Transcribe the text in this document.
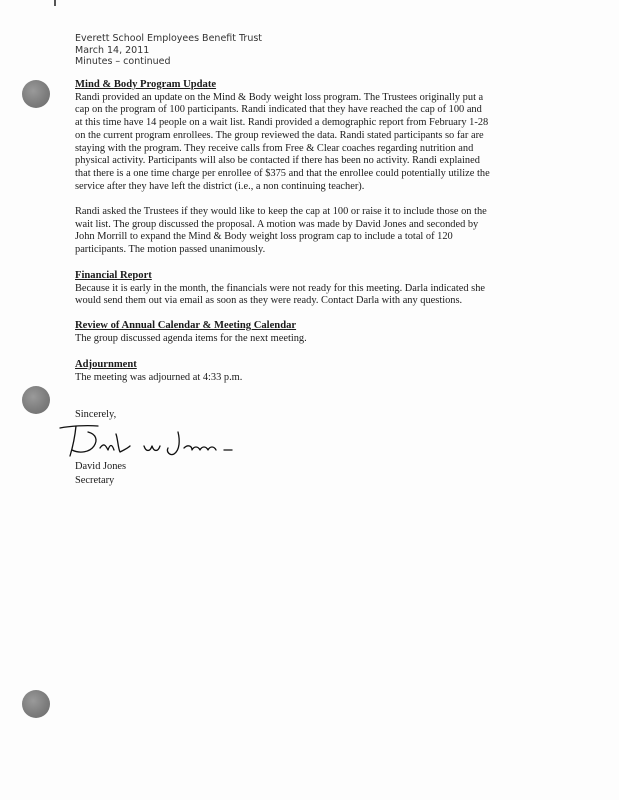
Everett School Employees Benefit Trust
March 14, 2011
Minutes – continued
Mind & Body Program Update
Randi provided an update on the Mind & Body weight loss program. The Trustees originally put a
cap on the program of 100 participants. Randi indicated that they have reached the cap of 100 and
at this time have 14 people on a wait list. Randi provided a demographic report from February 1-28
on the current program enrollees. The group reviewed the data. Randi stated participants so far are
staying with the program. They receive calls from Free & Clear coaches regarding nutrition and
physical activity. Participants will also be contacted if there has been no activity. Randi explained
that there is a one time charge per enrollee of $375 and that the enrollee could potentially utilize the
service after they have left the district (i.e., a non continuing teacher).
Randi asked the Trustees if they would like to keep the cap at 100 or raise it to include those on the
wait list. The group discussed the proposal. A motion was made by David Jones and seconded by
John Morrill to expand the Mind & Body weight loss program cap to include a total of 120
participants. The motion passed unanimously.
Financial Report
Because it is early in the month, the financials were not ready for this meeting. Darla indicated she
would send them out via email as soon as they were ready. Contact Darla with any questions.
Review of Annual Calendar & Meeting Calendar
The group discussed agenda items for the next meeting.
Adjournment
The meeting was adjourned at 4:33 p.m.
Sincerely,
David Jones
Secretary
